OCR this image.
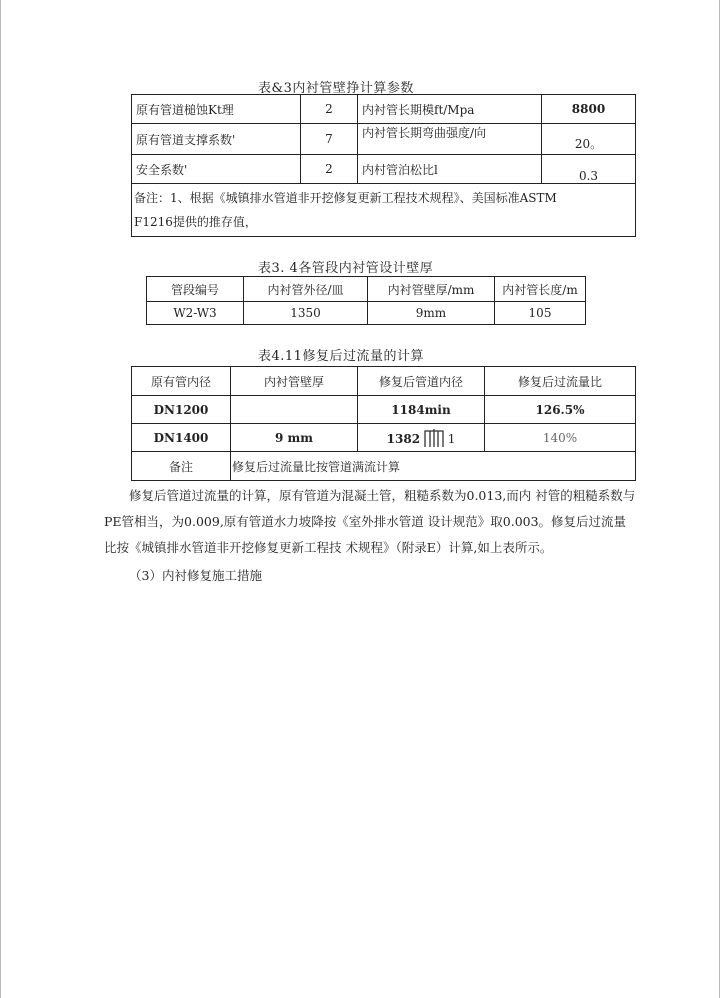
表&3内衬管壁挣计算参数
原有管道槌蚀Kt理	2	内衬管长期模ft/Mpa	8800
原有管道支撑系数'	7	内衬管长期弯曲强度/向	20。
安全系数'	2	内村管泊松比l	0.3

备注：1、根据《城镇排水管道非开挖修复更新工程技术规程》、美国标准ASTM
F1216提供的推存值，			
表3. 4各管段内衬管设计壁厚
管段编号	内衬管外径/皿	内衬管壁厚/mm	内衬管长度/m
W2-W3	1350	9mm	105
表4.11修复后过流量的计算
原有管内径	内衬管壁厚	修复后管道内径	修复后过流量比
DN1200		1184min	126.5%
DN1400	9 mm	1382 1	140%
备注	修复后过流量比按管道满流计算		

修复后管道过流量的计算，原有管道为混凝土管，粗糙系数为0.013,而内 衬管的粗糙系数与PE管相当，为0.009,原有管道水力坡降按《室外排水管道 设计规范》取0.003。修复后过流量比按《城镇排水管道非开挖修复更新工程技 术规程》（附录E）计算,如上表所示。

（3）内衬修复施工措施
